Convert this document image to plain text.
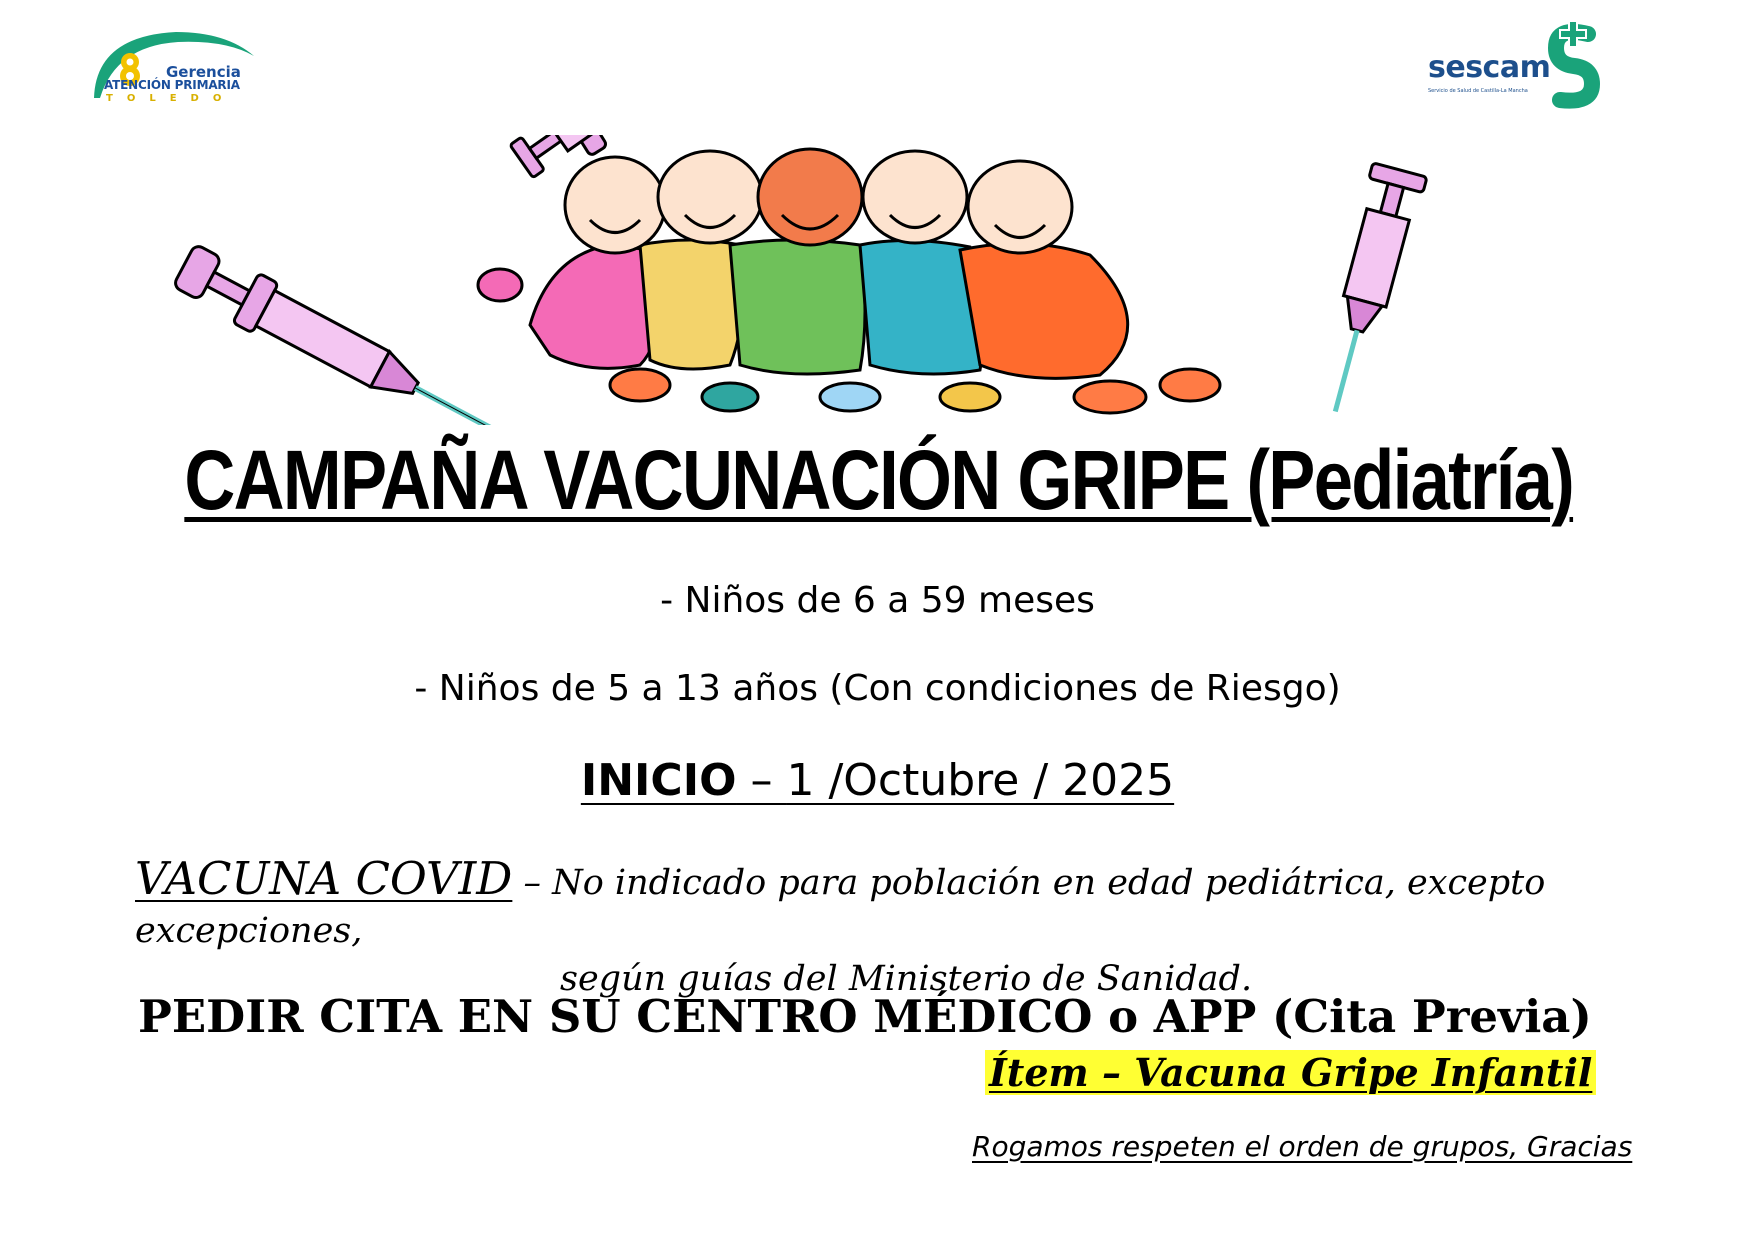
Gerencia
ATENCIÓN PRIMARIA
TOLEDO
sescam
Servicio de Salud de Castilla-La Mancha
CAMPAÑA VACUNACIÓN GRIPE (Pediatría)
- Niños de 6 a 59 meses
- Niños de 5 a 13 años (Con condiciones de Riesgo)
INICIO – 1 /Octubre / 2025
VACUNA COVID – No indicado para población en edad pediátrica, excepto excepciones,
según guías del Ministerio de Sanidad.
PEDIR CITA EN SU CENTRO MÉDICO o APP (Cita Previa)
Ítem – Vacuna Gripe Infantil
Rogamos respeten el orden de grupos, Gracias
